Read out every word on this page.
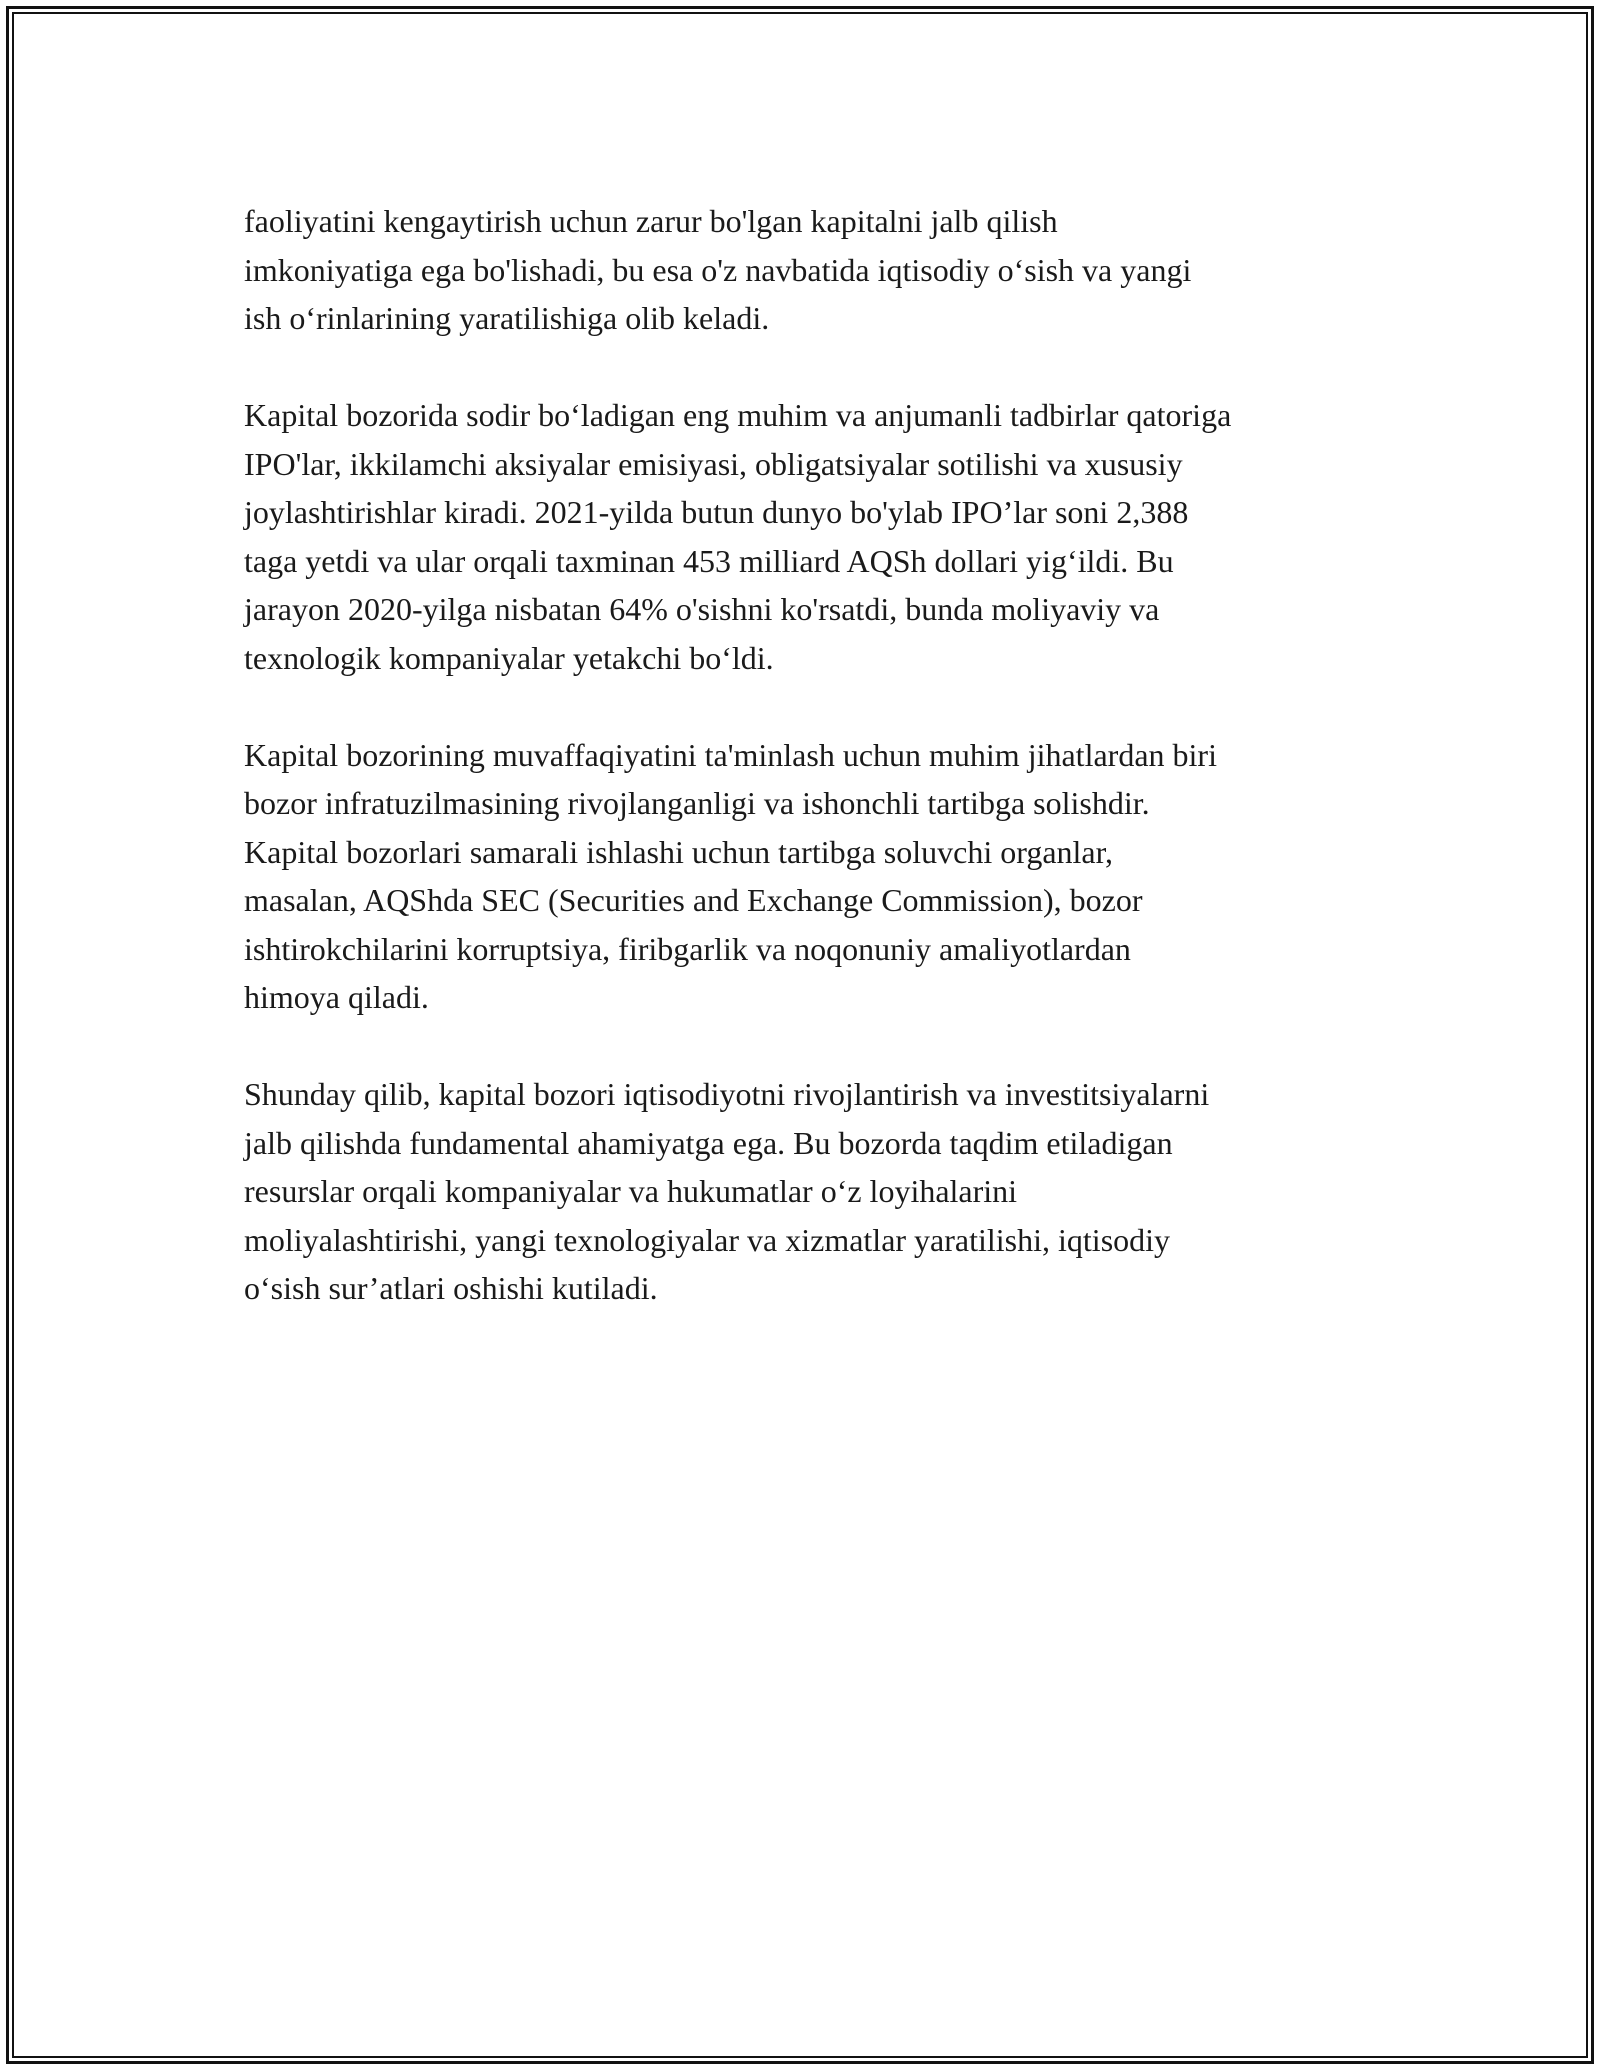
faoliyatini kengaytirish uchun zarur bo'lgan kapitalni jalb qilish
imkoniyatiga ega bo'lishadi, bu esa o'z navbatida iqtisodiy o‘sish va yangi
ish o‘rinlarining yaratilishiga olib keladi.

Kapital bozorida sodir bo‘ladigan eng muhim va anjumanli tadbirlar qatoriga
IPO'lar, ikkilamchi aksiyalar emisiyasi, obligatsiyalar sotilishi va xususiy
joylashtirishlar kiradi. 2021-yilda butun dunyo bo'ylab IPO’lar soni 2,388
taga yetdi va ular orqali taxminan 453 milliard AQSh dollari yig‘ildi. Bu
jarayon 2020-yilga nisbatan 64% o'sishni ko'rsatdi, bunda moliyaviy va
texnologik kompaniyalar yetakchi bo‘ldi.

Kapital bozorining muvaffaqiyatini ta'minlash uchun muhim jihatlardan biri
bozor infratuzilmasining rivojlanganligi va ishonchli tartibga solishdir.
Kapital bozorlari samarali ishlashi uchun tartibga soluvchi organlar,
masalan, AQShda SEC (Securities and Exchange Commission), bozor
ishtirokchilarini korruptsiya, firibgarlik va noqonuniy amaliyotlardan
himoya qiladi.

Shunday qilib, kapital bozori iqtisodiyotni rivojlantirish va investitsiyalarni
jalb qilishda fundamental ahamiyatga ega. Bu bozorda taqdim etiladigan
resurslar orqali kompaniyalar va hukumatlar o‘z loyihalarini
moliyalashtirishi, yangi texnologiyalar va xizmatlar yaratilishi, iqtisodiy
o‘sish sur’atlari oshishi kutiladi.
